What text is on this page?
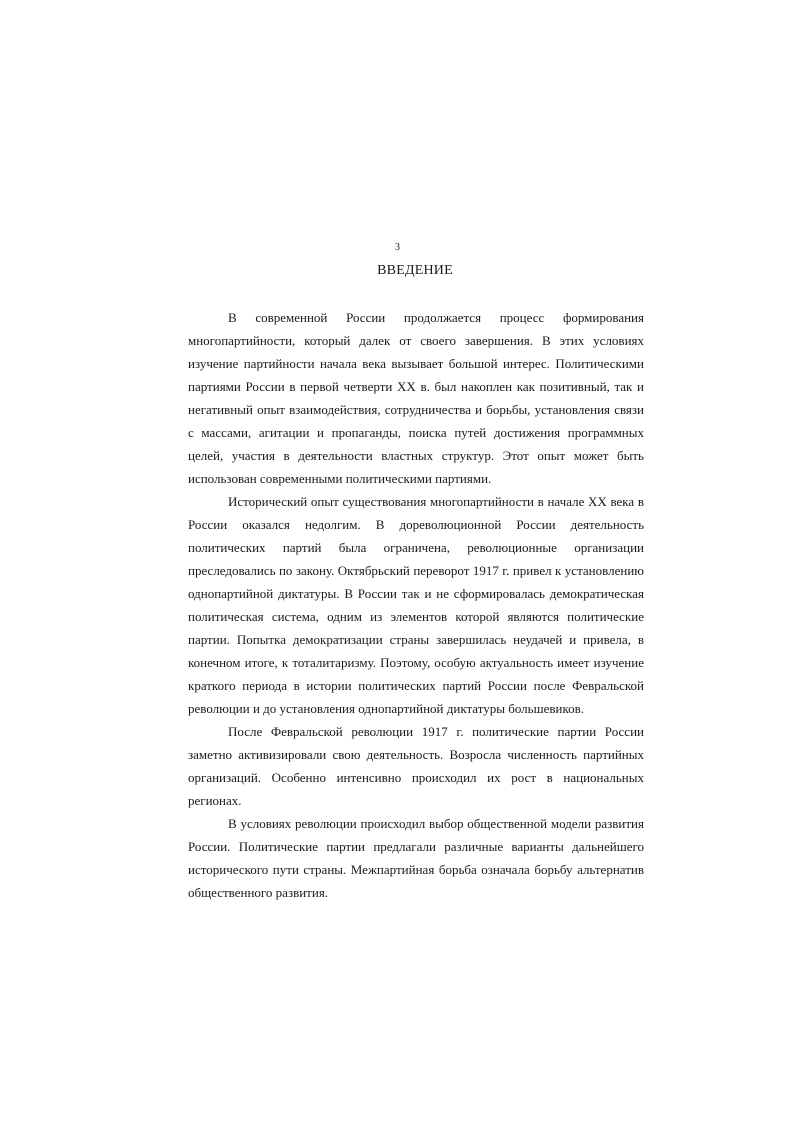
3
ВВЕДЕНИЕ

В современной России продолжается процесс формирования многопартийности, который далек от своего завершения. В этих условиях изучение партийности начала века вызывает большой интерес. Политическими партиями России в первой четверти XX в. был накоплен как позитивный, так и негативный опыт взаимодействия, сотрудничества и борьбы, установления связи с массами, агитации и пропаганды, поиска путей достижения программных целей, участия в деятельности властных структур. Этот опыт может быть использован современными политическими партиями.

Исторический опыт существования многопартийности в начале XX века в России оказался недолгим. В дореволюционной России деятельность политических партий была ограничена, революционные организации преследовались по закону. Октябрьский переворот 1917 г. привел к установлению однопартийной диктатуры. В России так и не сформировалась демократическая политическая система, одним из элементов которой являются политические партии. Попытка демократизации страны завершилась неудачей и привела, в конечном итоге, к тоталитаризму. Поэтому, особую актуальность имеет изучение краткого периода в истории политических партий России после Февральской революции и до установления однопартийной диктатуры большевиков.

После Февральской революции 1917 г. политические партии России заметно активизировали свою деятельность. Возросла численность партийных организаций. Особенно интенсивно происходил их рост в национальных регионах.

В условиях революции происходил выбор общественной модели развития России. Политические партии предлагали различные варианты дальнейшего исторического пути страны. Межпартийная борьба означала борьбу альтернатив общественного развития.
